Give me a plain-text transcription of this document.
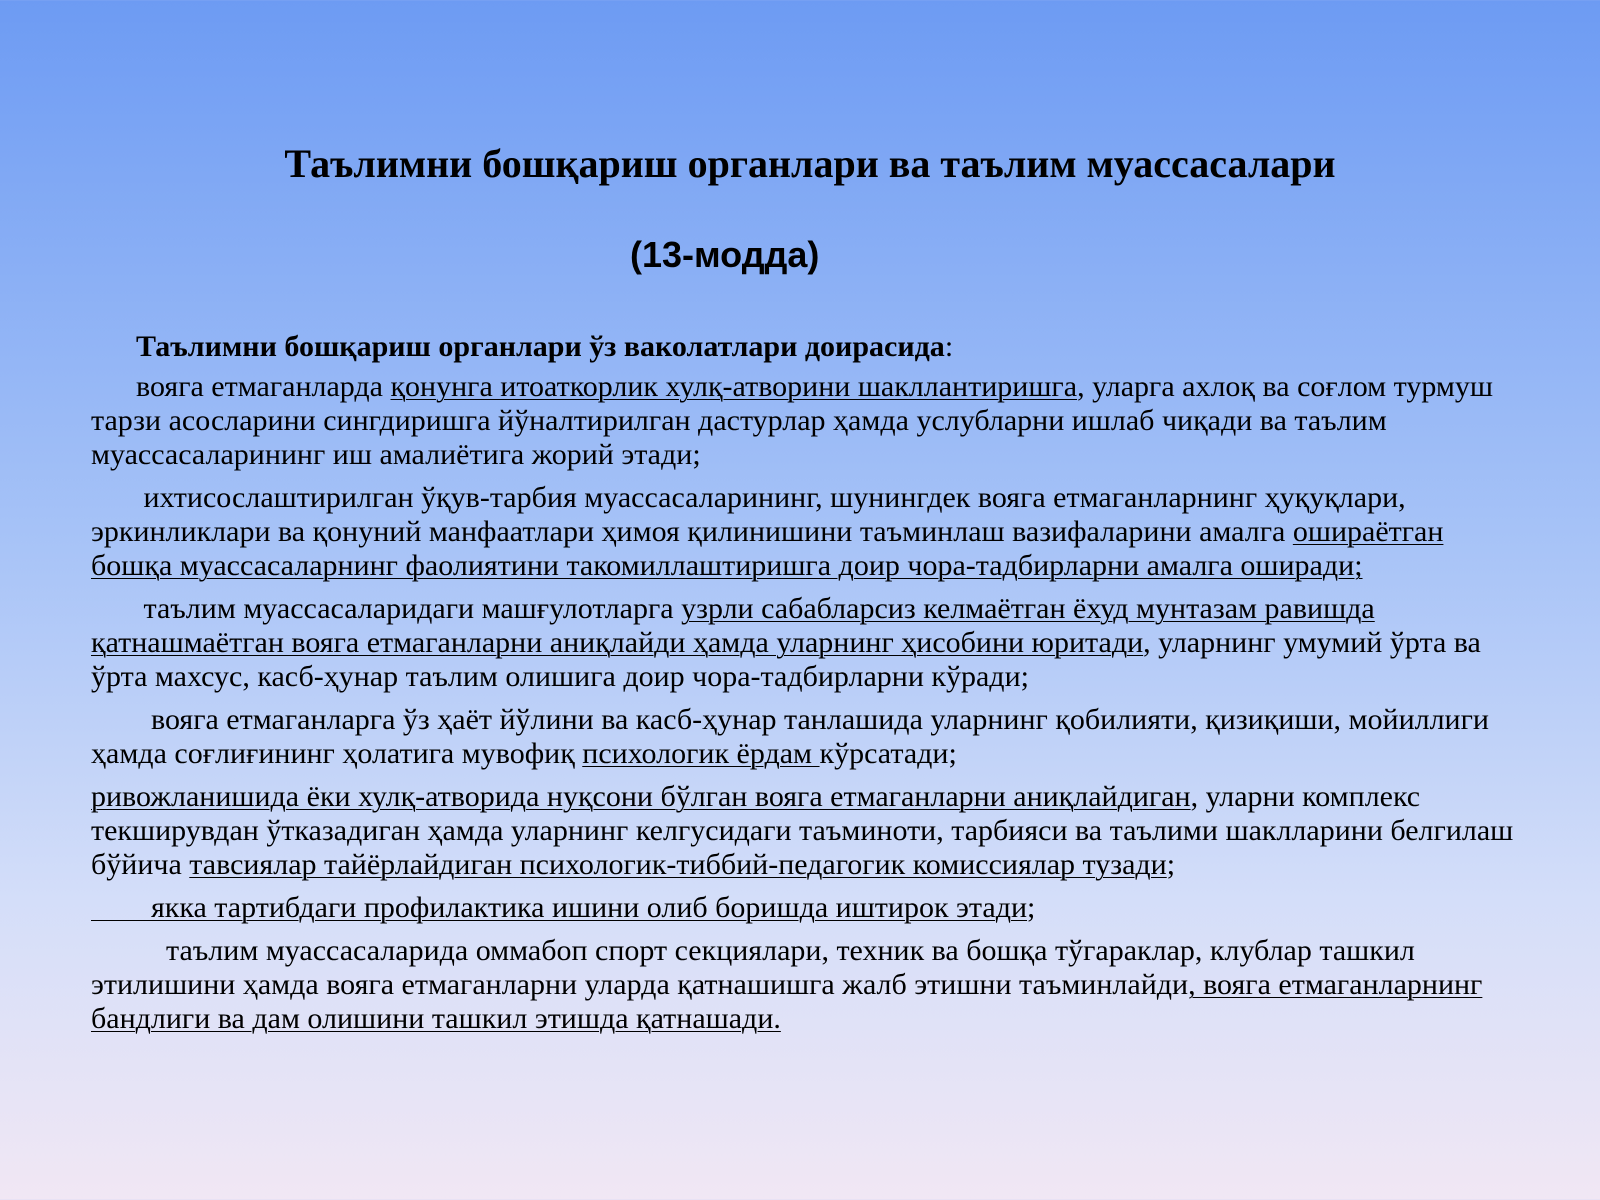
Таълимни бошқариш органлари ва таълим муассасалари
(13-модда)

Таълимни бошқариш органлари ўз ваколатлари доирасида:

вояга етмаганларда қонунга итоаткорлик хулқ-атворини шакллантиришга, уларга ахлоқ ва соғлом турмуш тарзи асосларини сингдиришга йўналтирилган дастурлар ҳамда услубларни ишлаб чиқади ва таълим муассасаларининг иш амалиётига жорий этади;

ихтисослаштирилган ўқув-тарбия муассасаларининг, шунингдек вояга етмаганларнинг ҳуқуқлари, эркинликлари ва қонуний манфаатлари ҳимоя қилинишини таъминлаш вазифаларини амалга ошираётган бошқа муассасаларнинг фаолиятини такомиллаштиришга доир чора-тадбирларни амалга оширади;

таълим муассасаларидаги машғулотларга узрли сабабларсиз келмаётган ёхуд мунтазам равишда қатнашмаётган вояга етмаганларни аниқлайди ҳамда уларнинг ҳисобини юритади, уларнинг умумий ўрта ва ўрта махсус, касб-ҳунар таълим олишига доир чора-тадбирларни кўради;

вояга етмаганларга ўз ҳаёт йўлини ва касб-ҳунар танлашида уларнинг қобилияти, қизиқиши, мойиллиги ҳамда соғлиғининг ҳолатига мувофиқ психологик ёрдам кўрсатади;

ривожланишида ёки хулқ-атворида нуқсони бўлган вояга етмаганларни аниқлайдиган, уларни комплекс текширувдан ўтказадиган ҳамда уларнинг келгусидаги таъминоти, тарбияси ва таълими шаклларини белгилаш бўйича тавсиялар тайёрлайдиган психологик-тиббий-педагогик комиссиялар тузади;

якка тартибдаги профилактика ишини олиб боришда иштирок этади;

таълим муассасаларида оммабоп спорт секциялари, техник ва бошқа тўгараклар, клублар ташкил этилишини ҳамда вояга етмаганларни уларда қатнашишга жалб этишни таъминлайди, вояга етмаганларнинг бандлиги ва дам олишини ташкил этишда қатнашади.
